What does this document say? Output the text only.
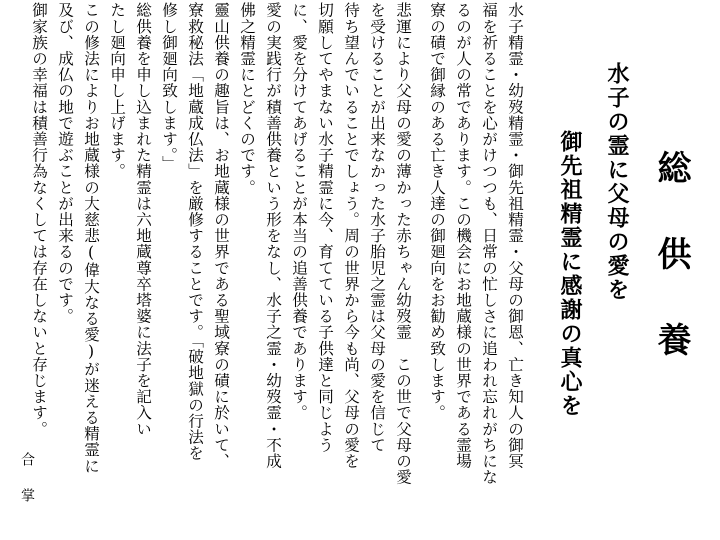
総供養
水子の霊に父母の愛を
御先祖精霊に感謝の真心を
水子精霊・幼歿精霊・御先祖精霊・父母の御恩、亡き知人の御冥
福を祈ることを心がけつつも、日常の忙しさに追われ忘れがちにな
るのが人の常であります。この機会にお地蔵様の世界である霊場
寮の磧で御縁のある亡き人達の御廻向をお勧め致します。
悲運により父母の愛の薄かった赤ちゃん幼歿霊　この世で父母の愛
を受けることが出来なかった水子胎児之霊は父母の愛を信じて
待ち望んでいることでしょう。周の世界から今も尚、父母の愛を
切願してやまない水子精霊に今、育てている子供達と同じよう
に、愛を分けてあげることが本当の追善供養であります。
愛の実践行が積善供養という形をなし、水子之霊・幼歿霊・不成
佛之精霊にとどくのです。
靈山供養の趣旨は、お地蔵様の世界である聖域寮の磧に於いて、
寮救秘法「地蔵成仏法」を厳修することです。「破地獄の行法を
修し御廻向致します。」
総供養を申し込まれた精霊は六地蔵尊卒塔婆に法子を記入い
たし廻向申し上げます。
この修法によりお地蔵様の大慈悲(偉大なる愛)が迷える精霊に
及び、成仏の地で遊ぶことが出来るのです。
御家族の幸福は積善行為なくしては存在しないと存じます。
合掌
